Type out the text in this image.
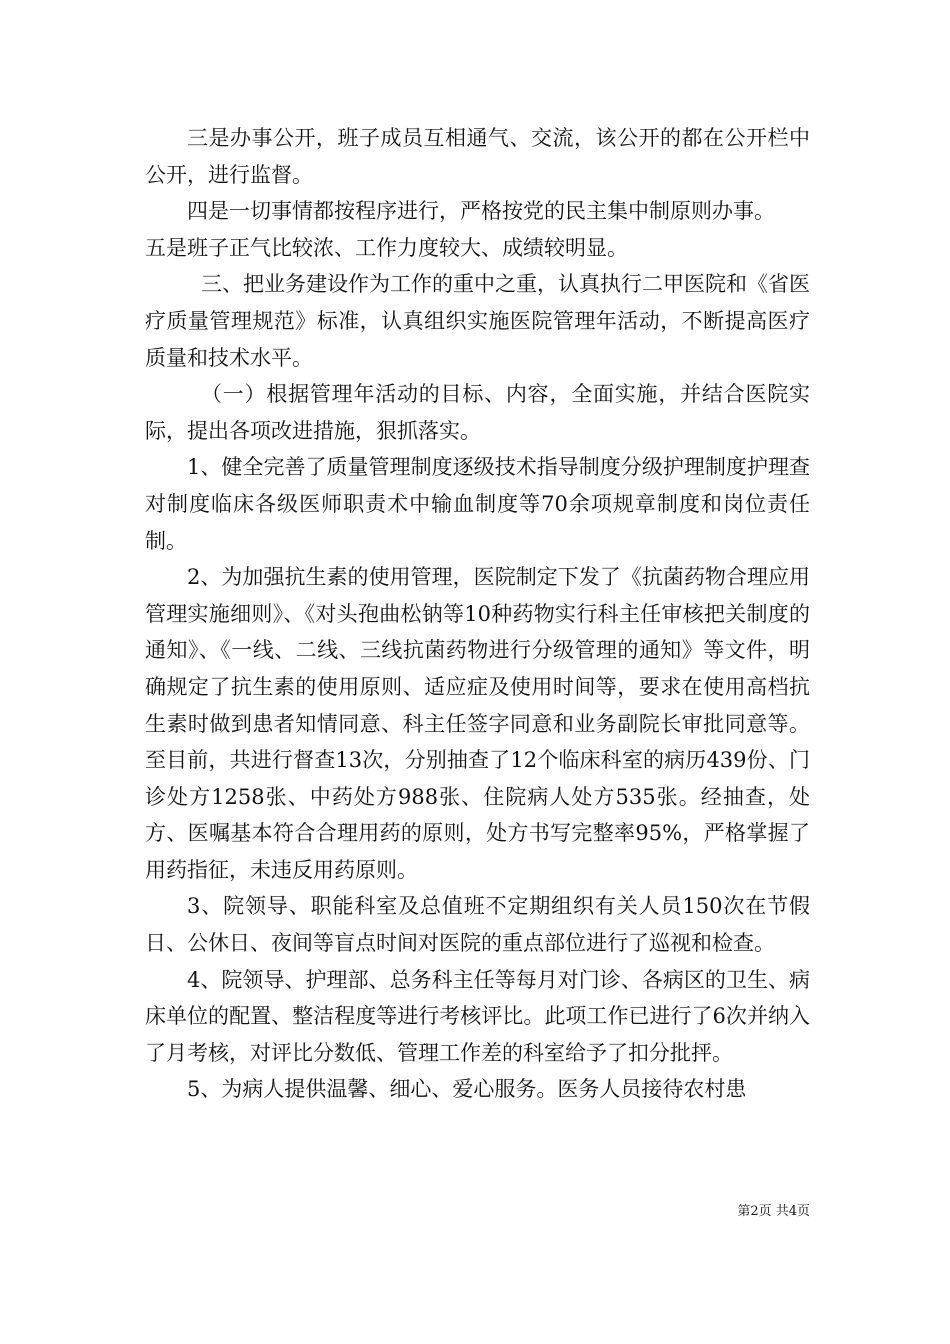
三是办事公开，班子成员互相通气、交流，该公开的都在公开栏中公开，进行监督。

四是一切事情都按程序进行，严格按党的民主集中制原则办事。

五是班子正气比较浓、工作力度较大、成绩较明显。

三、把业务建设作为工作的重中之重，认真执行二甲医院和《省医疗质量管理规范》标准，认真组织实施医院管理年活动，不断提高医疗质量和技术水平。

（一）根据管理年活动的目标、内容，全面实施，并结合医院实际，提出各项改进措施，狠抓落实。

1、健全完善了质量管理制度逐级技术指导制度分级护理制度护理查对制度临床各级医师职责术中输血制度等70余项规章制度和岗位责任制。

2、为加强抗生素的使用管理，医院制定下发了《抗菌药物合理应用管理实施细则》、《对头孢曲松钠等10种药物实行科主任审核把关制度的通知》、《一线、二线、三线抗菌药物进行分级管理的通知》等文件，明确规定了抗生素的使用原则、适应症及使用时间等，要求在使用高档抗生素时做到患者知情同意、科主任签字同意和业务副院长审批同意等。至目前，共进行督查13次，分别抽查了12个临床科室的病历439份、门诊处方1258张、中药处方988张、住院病人处方535张。经抽查，处方、医嘱基本符合合理用药的原则，处方书写完整率95%，严格掌握了用药指征，未违反用药原则。

3、院领导、职能科室及总值班不定期组织有关人员150次在节假日、公休日、夜间等盲点时间对医院的重点部位进行了巡视和检查。

4、院领导、护理部、总务科主任等每月对门诊、各病区的卫生、病床单位的配置、整洁程度等进行考核评比。此项工作已进行了6次并纳入了月考核，对评比分数低、管理工作差的科室给予了扣分批抨。

5、为病人提供温馨、细心、爱心服务。医务人员接待农村患

第2页 共4页
